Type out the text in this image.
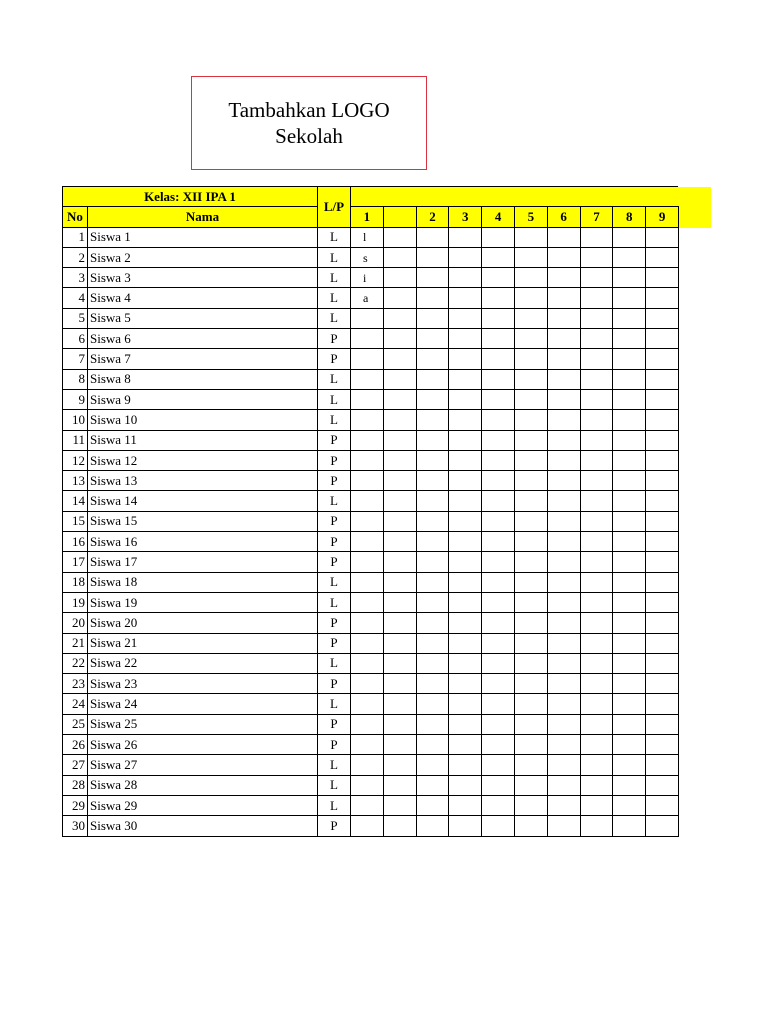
Tambahkan LOGO
Sekolah
Kelas: XII IPA 1		L/P										
No	Nama		1		2	3	4	5	6	7	8	9
1	Siswa 1	L	l									
2	Siswa 2	L	s									
3	Siswa 3	L	i									
4	Siswa 4	L	a									
5	Siswa 5	L										
6	Siswa 6	P										
7	Siswa 7	P										
8	Siswa 8	L										
9	Siswa 9	L										
10	Siswa 10	L										
11	Siswa 11	P										
12	Siswa 12	P										
13	Siswa 13	P										
14	Siswa 14	L										
15	Siswa 15	P										
16	Siswa 16	P										
17	Siswa 17	P										
18	Siswa 18	L										
19	Siswa 19	L										
20	Siswa 20	P										
21	Siswa 21	P										
22	Siswa 22	L										
23	Siswa 23	P										
24	Siswa 24	L										
25	Siswa 25	P										
26	Siswa 26	P										
27	Siswa 27	L										
28	Siswa 28	L										
29	Siswa 29	L										
30	Siswa 30	P										
